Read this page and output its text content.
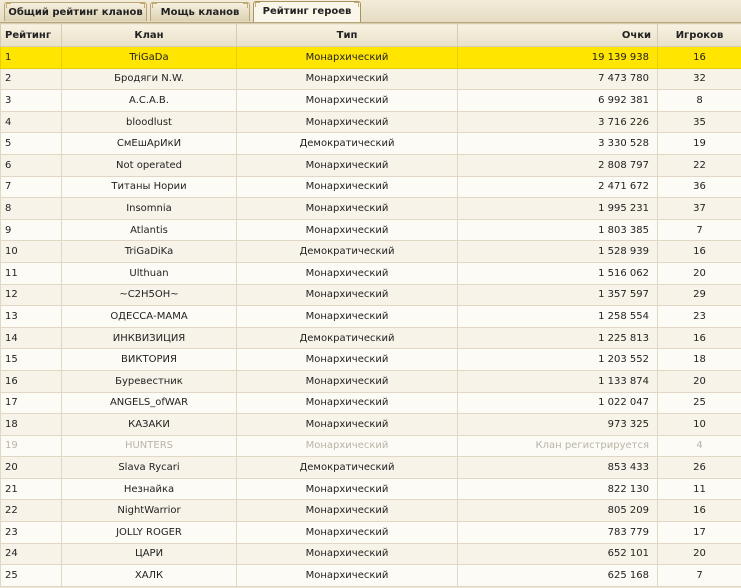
Общий рейтинг кланов	Мощь кланов	Рейтинг героев
Рейтинг	Клан	Тип	Очки	Игроков
1	TriGaDa	Монархический	19 139 938	16
2	Бродяги N.W.	Монархический	7 473 780	32
3	A.C.A.B.	Монархический	6 992 381	8
4	bloodlust	Монархический	3 716 226	35
5	СмЕшАрИкИ	Демократический	3 330 528	19
6	Not operated	Монархический	2 808 797	22
7	Титаны Нории	Монархический	2 471 672	36
8	Insomnia	Монархический	1 995 231	37
9	Atlantis	Монархический	1 803 385	7
10	TriGaDiKa	Демократический	1 528 939	16
11	Ulthuan	Монархический	1 516 062	20
12	~C2H5OH~	Монархический	1 357 597	29
13	ОДЕССА-МАМА	Монархический	1 258 554	23
14	ИНКВИЗИЦИЯ	Демократический	1 225 813	16
15	ВИКТОРИЯ	Монархический	1 203 552	18
16	Буревестник	Монархический	1 133 874	20
17	ANGELS_ofWAR	Монархический	1 022 047	25
18	КАЗАКИ	Монархический	973 325	10
19	HUNTERS	Монархический	Клан регистрируется	4
20	Slava Rycari	Демократический	853 433	26
21	Незнайка	Монархический	822 130	11
22	NightWarrior	Монархический	805 209	16
23	JOLLY ROGER	Монархический	783 779	17
24	ЦАРИ	Монархический	652 101	20
25	ХАЛК	Монархический	625 168	7
